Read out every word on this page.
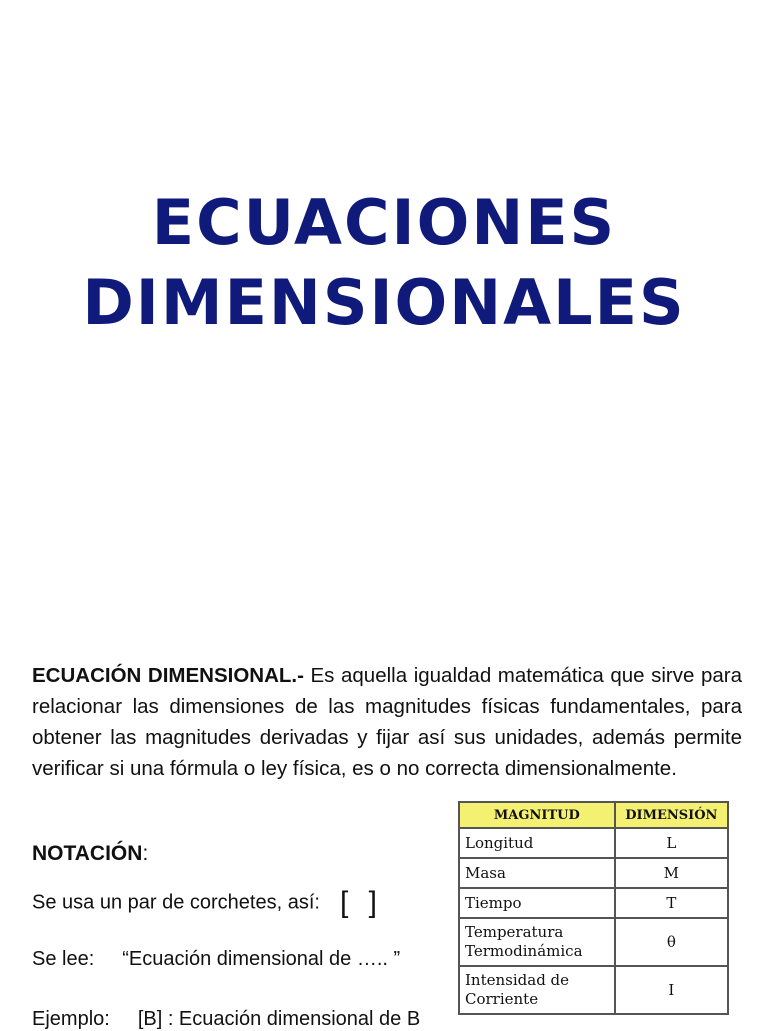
ECUACIONES
DIMENSIONALES
ECUACIÓN DIMENSIONAL.- Es aquella igualdad matemática que sirve para relacionar las dimensiones de las magnitudes físicas fundamentales, para obtener las magnitudes derivadas y fijar así sus unidades, además permite verificar si una fórmula o ley física, es o no correcta dimensionalmente.
NOTACIÓN:
Se usa un par de corchetes, así: [ ]
Se lee: “Ecuación dimensional de ….. ”
Ejemplo: [B] : Ecuación dimensional de B
MAGNITUD	DIMENSIÓN
Longitud	L
Masa	M
Tiempo	T
Temperatura Termodinámica	θ
Intensidad de Corriente	I
